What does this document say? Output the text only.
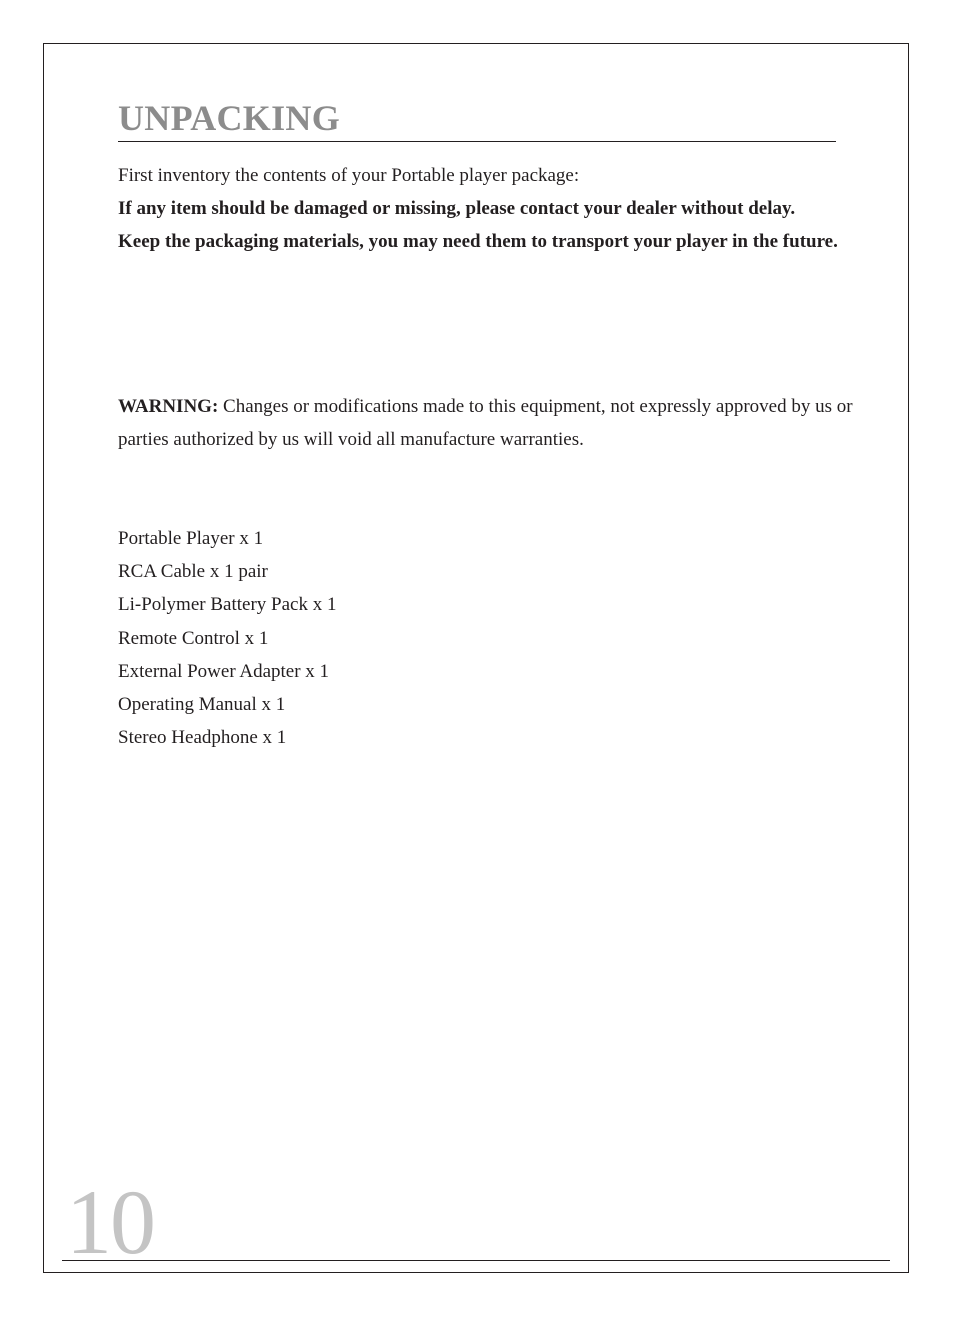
UNPACKING

First inventory the contents of your Portable player package:

If any item should be damaged or missing, please contact your dealer without delay.

Keep the packaging materials, you may need them to transport your player in the future.

WARNING: Changes or modifications made to this equipment, not expressly approved by us or parties authorized by us will void all manufacture warranties.

Portable Player x 1
RCA Cable x 1 pair
Li-Polymer Battery Pack x 1
Remote Control x 1
External Power Adapter x 1
Operating Manual x 1
Stereo Headphone x 1
10
